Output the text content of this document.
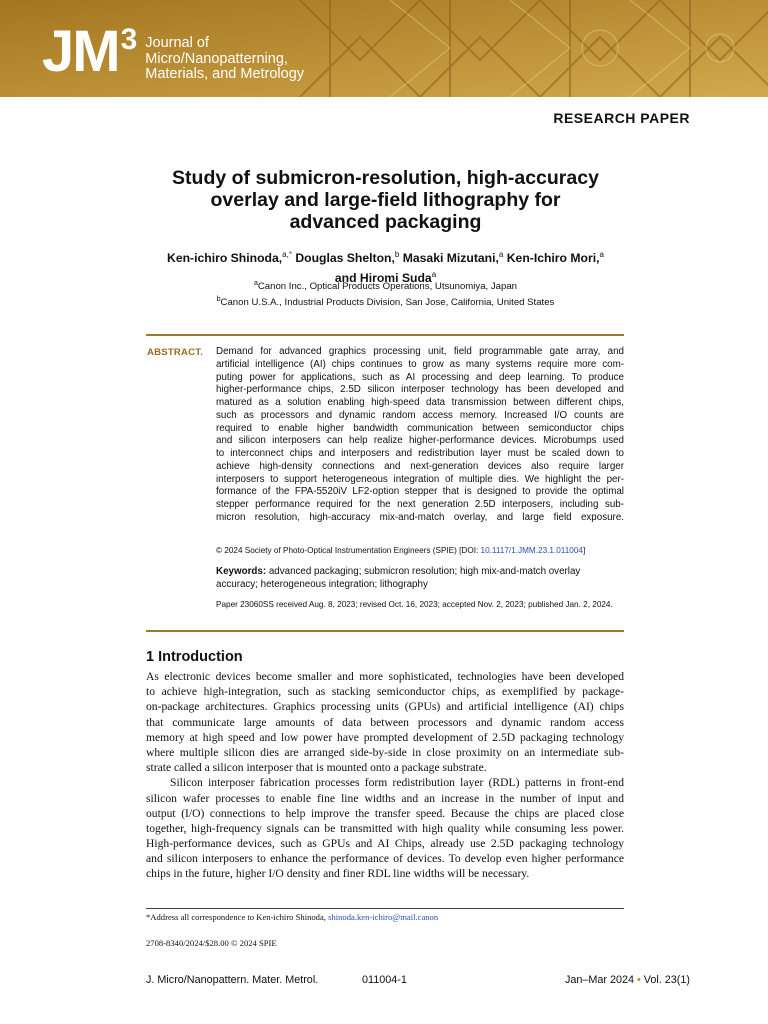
JM 3 Journal of
Micro/Nanopatterning,
Materials, and Metrology
RESEARCH PAPER
Study of submicron-resolution, high-accuracy
overlay and large-field lithography for
advanced packaging
Ken-ichiro Shinoda,$^{a,*}$ Douglas Shelton,$^b$ Masaki Mizutani,$^a$ Ken-Ichiro Mori,$^a$
and Hiromi Suda$^a$
$^a$Canon Inc., Optical Products Operations, Utsunomiya, Japan
$^b$Canon U.S.A., Industrial Products Division, San Jose, California, United States
ABSTRACT. Demand for advanced graphics processing unit, field programmable gate array, and
artificial intelligence (AI) chips continues to grow as many systems require more com-
puting power for applications, such as AI processing and deep learning. To produce
higher-performance chips, 2.5D silicon interposer technology has been developed and
matured as a solution enabling high-speed data transmission between different chips,
such as processors and dynamic random access memory. Increased I/O counts are
required to enable higher bandwidth communication between semiconductor chips
and silicon interposers can help realize higher-performance devices. Microbumps used
to interconnect chips and interposers and redistribution layer must be scaled down to
achieve high-density connections and next-generation devices also require larger
interposers to support heterogeneous integration of multiple dies. We highlight the per-
formance of the FPA-5520iV LF2-option stepper that is designed to provide the optimal
stepper performance required for the next generation 2.5D interposers, including sub-
micron resolution, high-accuracy mix-and-match overlay, and large field exposure.
© 2024 Society of Photo-Optical Instrumentation Engineers (SPIE) [DOI: 10.1117/1.JMM.23.1.011004]
Keywords: advanced packaging; submicron resolution; high mix-and-match overlay accuracy; heterogeneous integration; lithography
Paper 23060SS received Aug. 8, 2023; revised Oct. 16, 2023; accepted Nov. 2, 2023; published Jan. 2, 2024.
1 Introduction
As electronic devices become smaller and more sophisticated, technologies have been developed
to achieve high-integration, such as stacking semiconductor chips, as exemplified by package-
on-package architectures. Graphics processing units (GPUs) and artificial intelligence (AI) chips
that communicate large amounts of data between processors and dynamic random access
memory at high speed and low power have prompted development of 2.5D packaging technology
where multiple silicon dies are arranged side-by-side in close proximity on an intermediate sub-
strate called a silicon interposer that is mounted onto a package substrate.
Silicon interposer fabrication processes form redistribution layer (RDL) patterns in front-end
silicon wafer processes to enable fine line widths and an increase in the number of input and
output (I/O) connections to help improve the transfer speed. Because the chips are placed close
together, high-frequency signals can be transmitted with high quality while consuming less power.
High-performance devices, such as GPUs and AI Chips, already use 2.5D packaging technology
and silicon interposers to enhance the performance of devices. To develop even higher performance
chips in the future, higher I/O density and finer RDL line widths will be necessary.
*Address all correspondence to Ken-ichiro Shinoda, shinoda.ken-ichiro@mail.canon
2708-8340/2024/$28.00 © 2024 SPIE
J. Micro/Nanopattern. Mater. Metrol.	011004-1	Jan–Mar 2024 • Vol. 23(1)
